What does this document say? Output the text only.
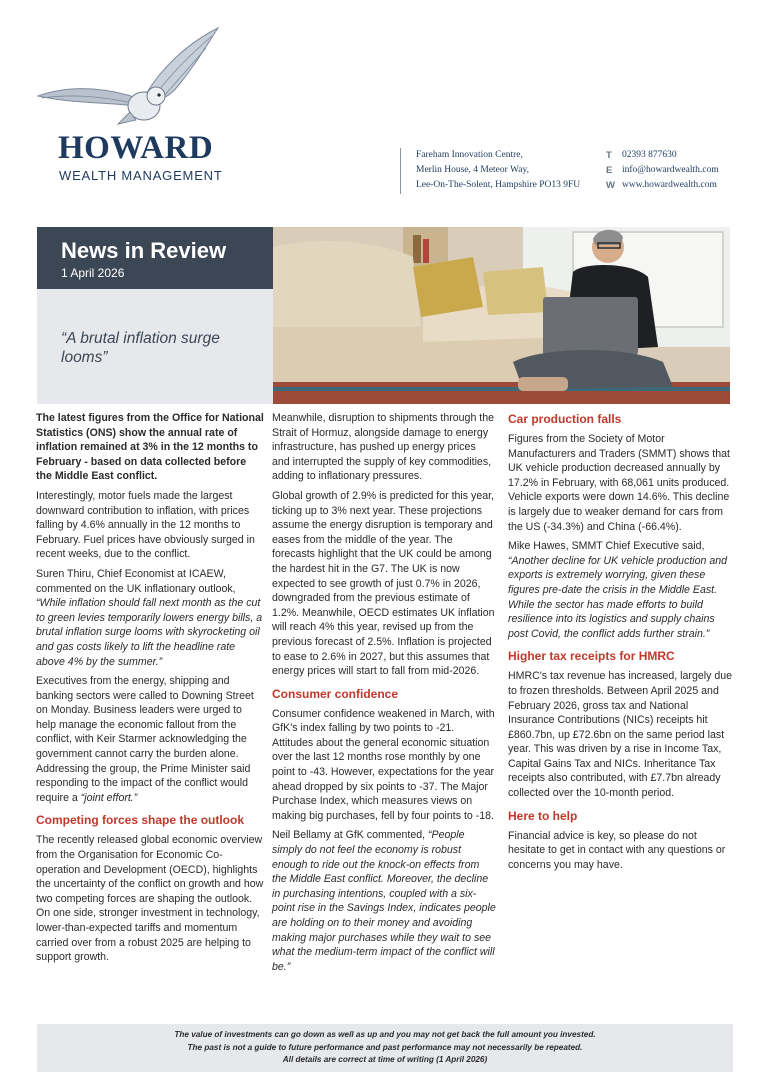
HOWARD
WEALTH MANAGEMENT
Fareham Innovation Centre,
Merlin House, 4 Meteor Way,
Lee-On-The-Solent, Hampshire PO13 9FU
T	02393 877630
E	info@howardwealth.com
W www.howardwealth.com
News in Review
1 April 2026
“A brutal inflation surge looms”

The latest figures from the Office for National Statistics (ONS) show the annual rate of inflation remained at 3% in the 12 months to February - based on data collected before the Middle East conflict.

Interestingly, motor fuels made the largest downward contribution to inflation, with prices falling by 4.6% annually in the 12 months to February. Fuel prices have obviously surged in recent weeks, due to the conflict.

Suren Thiru, Chief Economist at ICAEW, commented on the UK inflationary outlook, “While inflation should fall next month as the cut to green levies temporarily lowers energy bills, a brutal inflation surge looms with skyrocketing oil and gas costs likely to lift the headline rate above 4% by the summer.”

Executives from the energy, shipping and banking sectors were called to Downing Street on Monday. Business leaders were urged to help manage the economic fallout from the conflict, with Keir Starmer acknowledging the government cannot carry the burden alone. Addressing the group, the Prime Minister said responding to the impact of the conflict would require a “joint effort.”

Competing forces shape the outlook

The recently released global economic overview from the Organisation for Economic Co-operation and Development (OECD), highlights the uncertainty of the conflict on growth and how two competing forces are shaping the outlook. On one side, stronger investment in technology, lower-than-expected tariffs and momentum carried over from a robust 2025 are helping to support growth.

Meanwhile, disruption to shipments through the Strait of Hormuz, alongside damage to energy infrastructure, has pushed up energy prices and interrupted the supply of key commodities, adding to inflationary pressures.

Global growth of 2.9% is predicted for this year, ticking up to 3% next year. These projections assume the energy disruption is temporary and eases from the middle of the year. The forecasts highlight that the UK could be among the hardest hit in the G7. The UK is now expected to see growth of just 0.7% in 2026, downgraded from the previous estimate of 1.2%. Meanwhile, OECD estimates UK inflation will reach 4% this year, revised up from the previous forecast of 2.5%. Inflation is projected to ease to 2.6% in 2027, but this assumes that energy prices will start to fall from mid-2026.

Consumer confidence

Consumer confidence weakened in March, with GfK's index falling by two points to -21. Attitudes about the general economic situation over the last 12 months rose monthly by one point to -43. However, expectations for the year ahead dropped by six points to -37. The Major Purchase Index, which measures views on making big purchases, fell by four points to -18.

Neil Bellamy at GfK commented, “People simply do not feel the economy is robust enough to ride out the knock-on effects from the Middle East conflict. Moreover, the decline in purchasing intentions, coupled with a six-point rise in the Savings Index, indicates people are holding on to their money and avoiding making major purchases while they wait to see what the medium-term impact of the conflict will be.”

Car production falls

Figures from the Society of Motor Manufacturers and Traders (SMMT) shows that UK vehicle production decreased annually by 17.2% in February, with 68,061 units produced. Vehicle exports were down 14.6%. This decline is largely due to weaker demand for cars from the US (-34.3%) and China (-66.4%).

Mike Hawes, SMMT Chief Executive said, “Another decline for UK vehicle production and exports is extremely worrying, given these figures pre-date the crisis in the Middle East. While the sector has made efforts to build resilience into its logistics and supply chains post Covid, the conflict adds further strain.”

Higher tax receipts for HMRC

HMRC's tax revenue has increased, largely due to frozen thresholds. Between April 2025 and February 2026, gross tax and National Insurance Contributions (NICs) receipts hit £860.7bn, up £72.6bn on the same period last year. This was driven by a rise in Income Tax, Capital Gains Tax and NICs. Inheritance Tax receipts also contributed, with £7.7bn already collected over the 10-month period.

Here to help

Financial advice is key, so please do not hesitate to get in contact with any questions or concerns you may have.

The value of investments can go down as well as up and you may not get back the full amount you invested.
The past is not a guide to future performance and past performance may not necessarily be repeated.
All details are correct at time of writing (1 April 2026)
